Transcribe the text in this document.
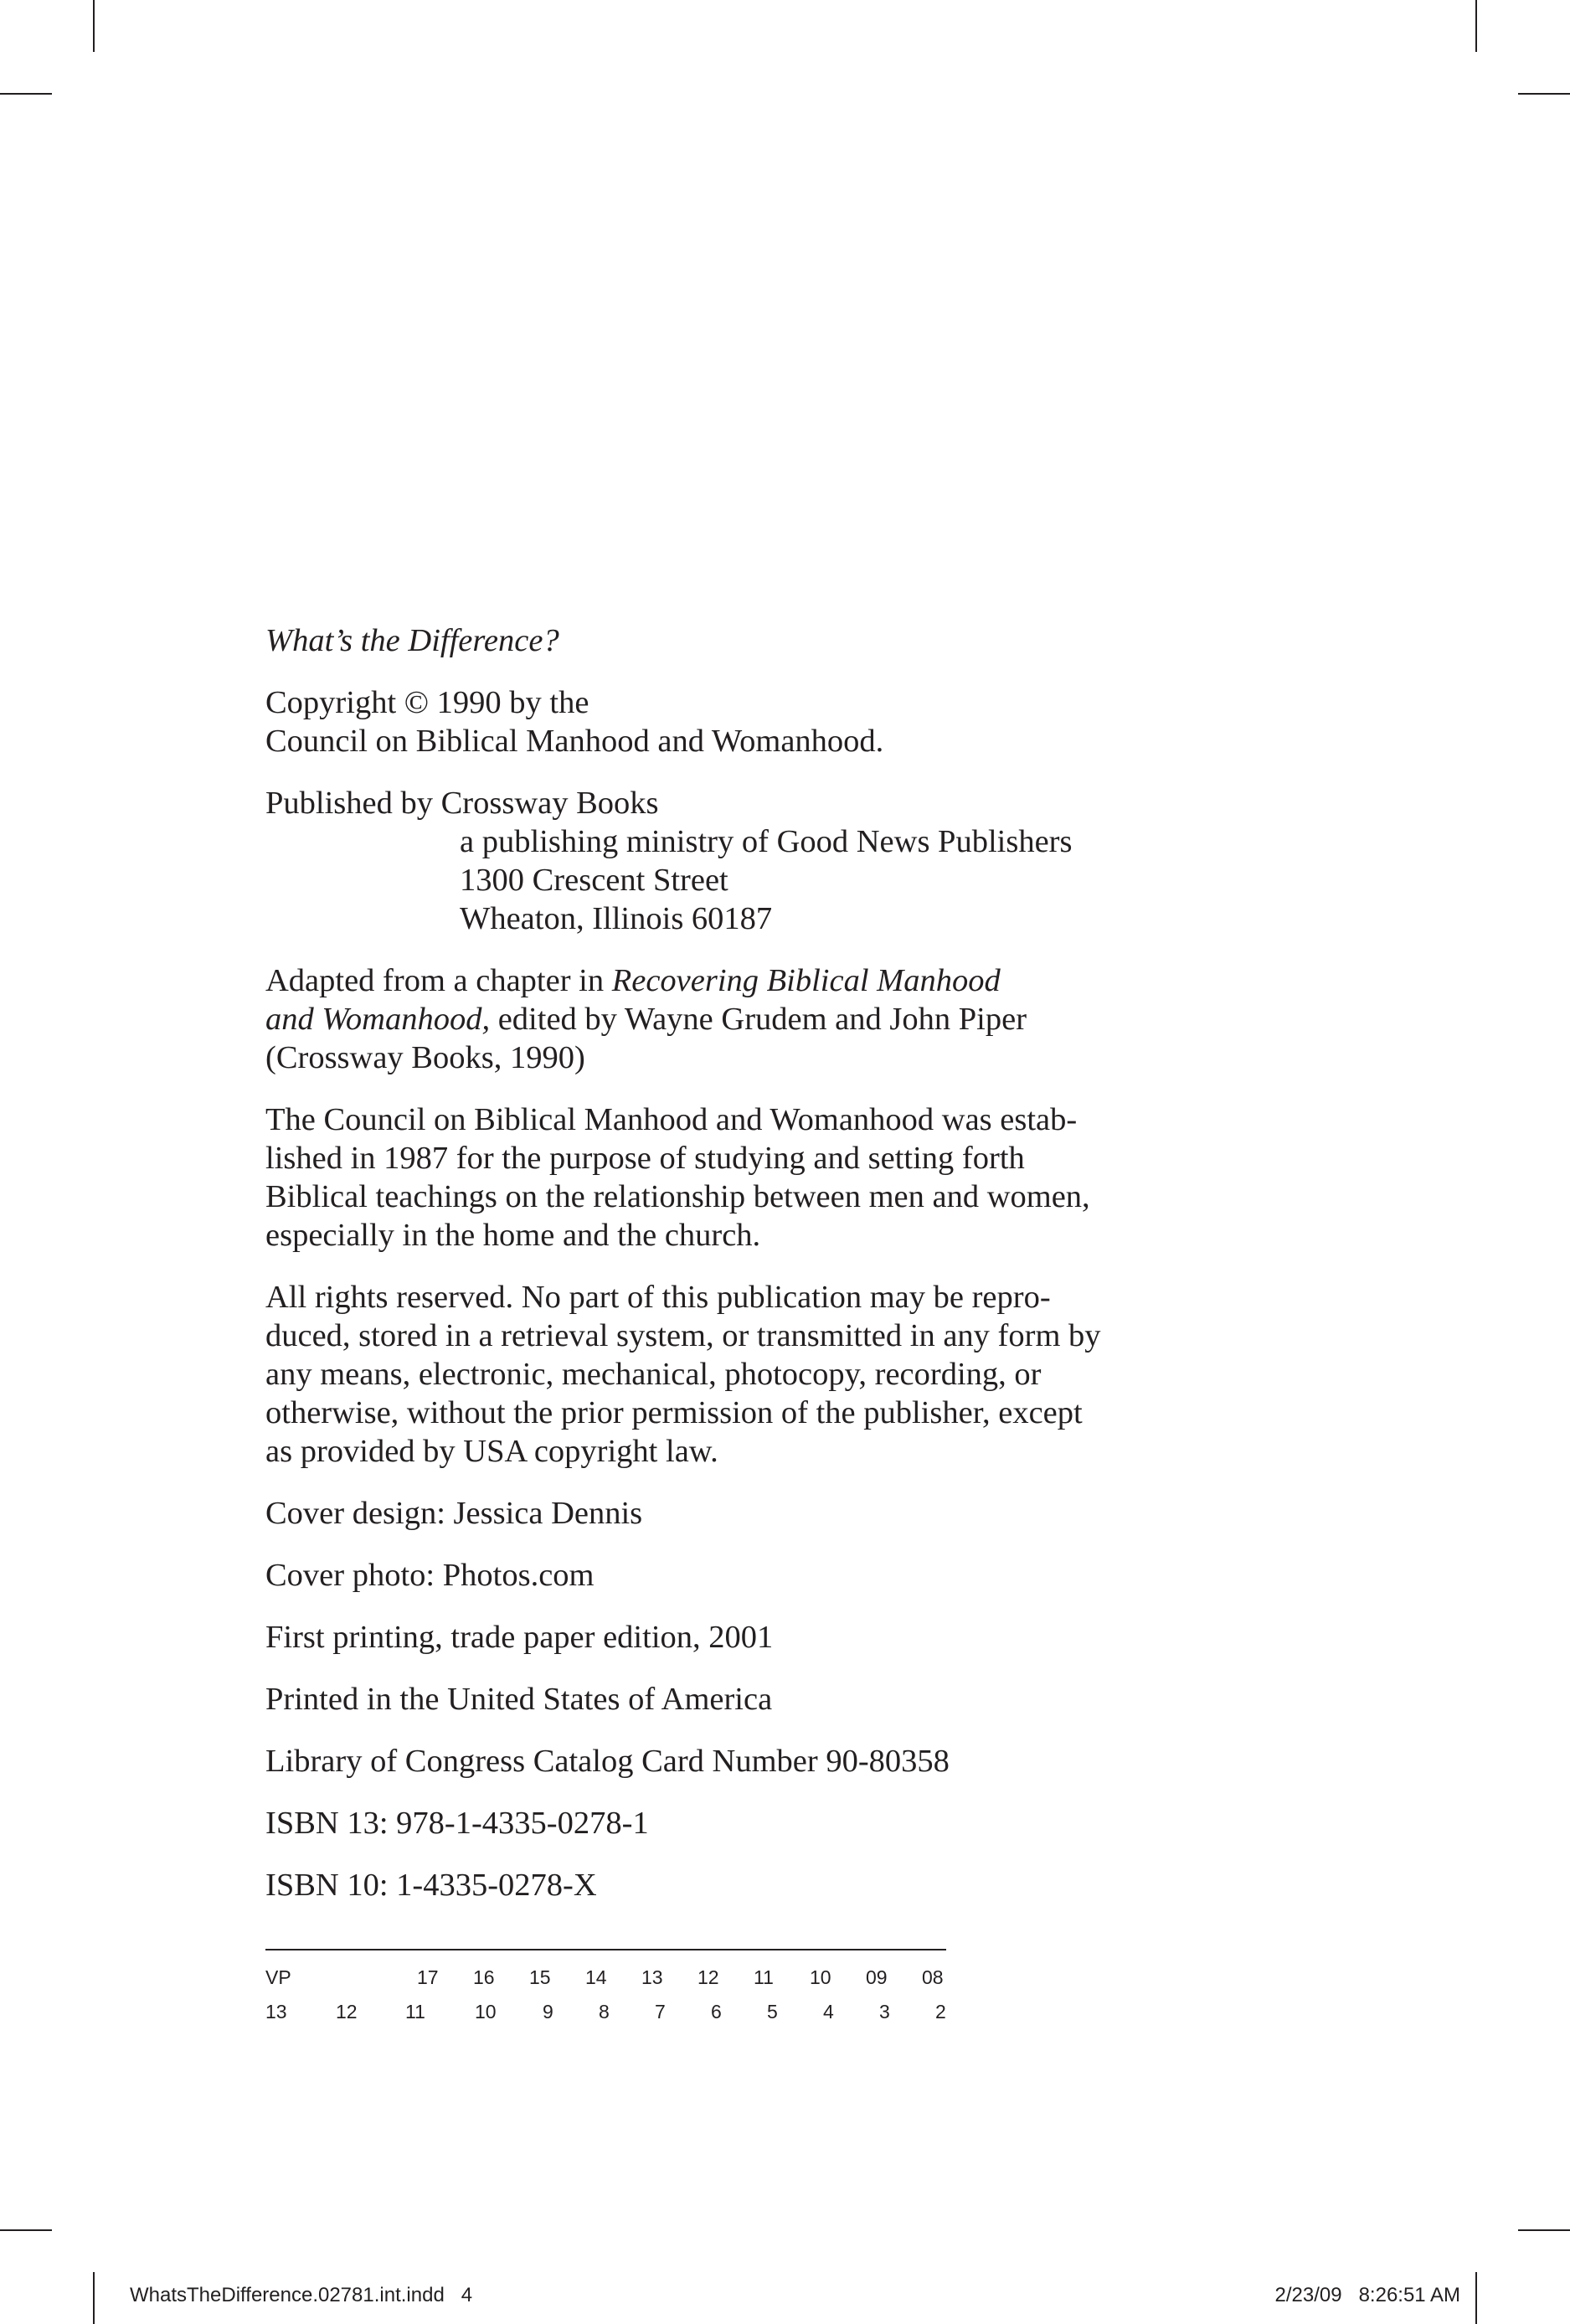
What’s the Difference?

Copyright © 1990 by the

Council on Biblical Manhood and Womanhood.

Published by Crossway Books

a publishing ministry of Good News Publishers

1300 Crescent Street

Wheaton, Illinois 60187

Adapted from a chapter in Recovering Biblical Manhood

and Womanhood, edited by Wayne Grudem and John Piper

(Crossway Books, 1990)

The Council on Biblical Manhood and Womanhood was estab-

lished in 1987 for the purpose of studying and setting forth

Biblical teachings on the relationship between men and women,

especially in the home and the church.

All rights reserved. No part of this publication may be repro-

duced, stored in a retrieval system, or transmitted in any form by

any means, electronic, mechanical, photocopy, recording, or

otherwise, without the prior permission of the publisher, except

as provided by USA copyright law.

Cover design: Jessica Dennis

Cover photo: Photos.com

First printing, trade paper edition, 2001

Printed in the United States of America

Library of Congress Catalog Card Number 90-80358

ISBN 13: 978-1-4335-0278-1

ISBN 10: 1-4335-0278-X

VP	17 16 15 14 13 12 11 10 09 08
13	12 11	10 9 8 7 6 5 4 3 2
WhatsTheDifference.02781.int.indd   4	2/23/09   8:26:51 AM
